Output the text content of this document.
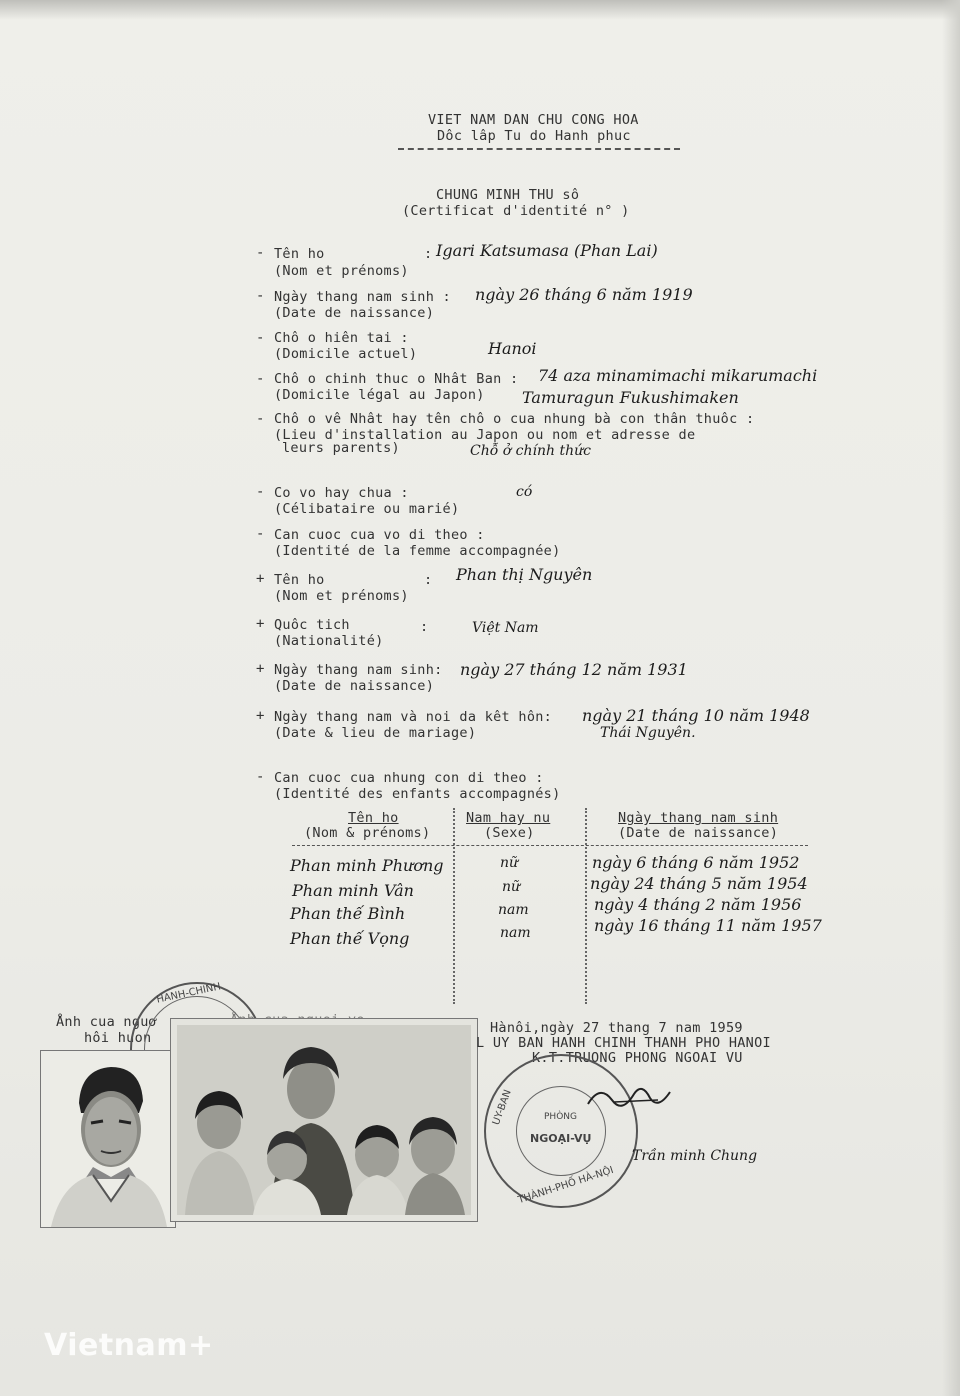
VIET NAM DAN CHU CONG HOA
Dôc lâp Tu do Hanh phuc
CHUNG MINH THU sô
(Certificat d'identité n° )
- Tên ho
(Nom et prénoms)
: Igari Katsumasa (Phan Lai)
- Ngày thang nam sinh :
(Date de naissance)
ngày 26 tháng 6 năm 1919
- Chô o hiên tai :
(Domicile actuel)	Hanoi
- Chô o chinh thuc o Nhât Ban :
(Domicile légal au Japon)
74 aza minamimachi mikarumachi
Tamuragun Fukushimaken
- Chô o vê Nhât hay tên chô o cua nhung bà con thân thuôc :
(Lieu d'installation au Japon ou nom et adresse de
leurs parents)	Chỗ ở chính thức
- Co vo hay chua :
(Célibataire ou marié)
có
- Can cuoc cua vo di theo :
(Identité de la femme accompagnée)
+ Tên ho
(Nom et prénoms)
: Phan thị Nguyên
+ Quôc tich
(Nationalité)
:	Việt Nam
+ Ngày thang nam sinh:
(Date de naissance)
ngày 27 tháng 12 năm 1931
+ Ngày thang nam và noi da kêt hôn:
(Date & lieu de mariage)
ngày 21 tháng 10 năm 1948
Thái Nguyên.
- Can cuoc cua nhung con di theo :
(Identité des enfants accompagnés)
Tên ho
(Nom & prénoms)
Nam hay nu
(Sexe)
Ngày thang nam sinh
(Date de naissance)
Phan minh Phương	nữ	ngày 6 tháng 6 năm 1952
Phan minh Vân	nữ	ngày 24 tháng 5 năm 1954
Phan thế Bình	nam	ngày 4 tháng 2 năm 1956
Phan thế Vọng	nam	ngày 16 tháng 11 năm 1957
Ånh cua nguơ
hôi huon
HANH-CHINH
Hànôi,ngày 27 thang 7 nam 1959
L UY BAN HANH CHINH THANH PHO HANOI
K.T.TRUONG PHONG NGOAI VU
PHÒNG
NGOẠI-VỤ
UY-BAN
THÀNH-PHỐ HÀ-NỘI
Trần minh Chung
Vietnam+
